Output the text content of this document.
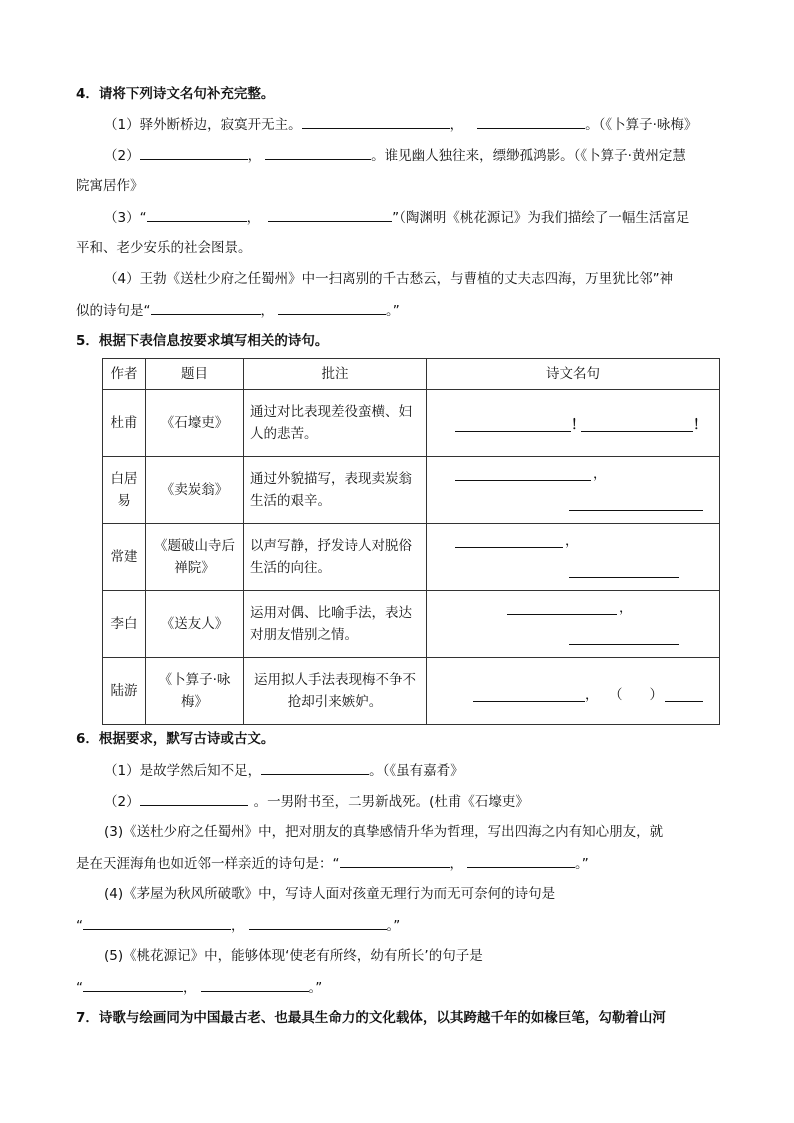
4．请将下列诗文名句补充完整。
（1）驿外断桥边，寂寞开无主。	，	。（《卜算子·咏梅》
（2）	，	。谁见幽人独往来，缥缈孤鸿影。（《卜算子·黄州定慧
院寓居作》
（3）“	，	”（陶渊明《桃花源记》为我们描绘了一幅生活富足
平和、老少安乐的社会图景。
（4）王勃《送杜少府之任蜀州》中一扫离别的千古愁云，与曹植的丈夫志四海，万里犹比邻”神
似的诗句是“	，	。”
5．根据下表信息按要求填写相关的诗句。
作者	题目	批注	诗文名句
杜甫	《石壕吏》	通过对比表现差役蛮横、妇人的悲苦。	！ ！

白居易	《卖炭翁》	通过外貌描写，表现卖炭翁生活的艰辛。	，

常建	《题破山寺后禅院》	以声写静，抒发诗人对脱俗生活的向往。	，

李白	《送友人》	运用对偶、比喻手法，表达对朋友惜别之情。	，

陆游	《卜算子·咏梅》	运用拟人手法表现梅不争不抢却引来嫉妒。	， （　　）
6．根据要求，默写古诗或古文。
（1）是故学然后知不足，	。（《虽有嘉肴》
（2）	。一男附书至，二男新战死。(杜甫《石壕吏》
(3)《送杜少府之任蜀州》中，把对朋友的真挚感情升华为哲理，写出四海之内有知心朋友，就
是在天涯海角也如近邻一样亲近的诗句是：“	，	。”
(4)《茅屋为秋风所破歌》中，写诗人面对孩童无理行为而无可奈何的诗句是
“	，	。”
(5)《桃花源记》中，能够体现‘使老有所终，幼有所长’的句子是
“	，	。”
7．诗歌与绘画同为中国最古老、也最具生命力的文化载体，以其跨越千年的如椽巨笔，勾勒着山河
